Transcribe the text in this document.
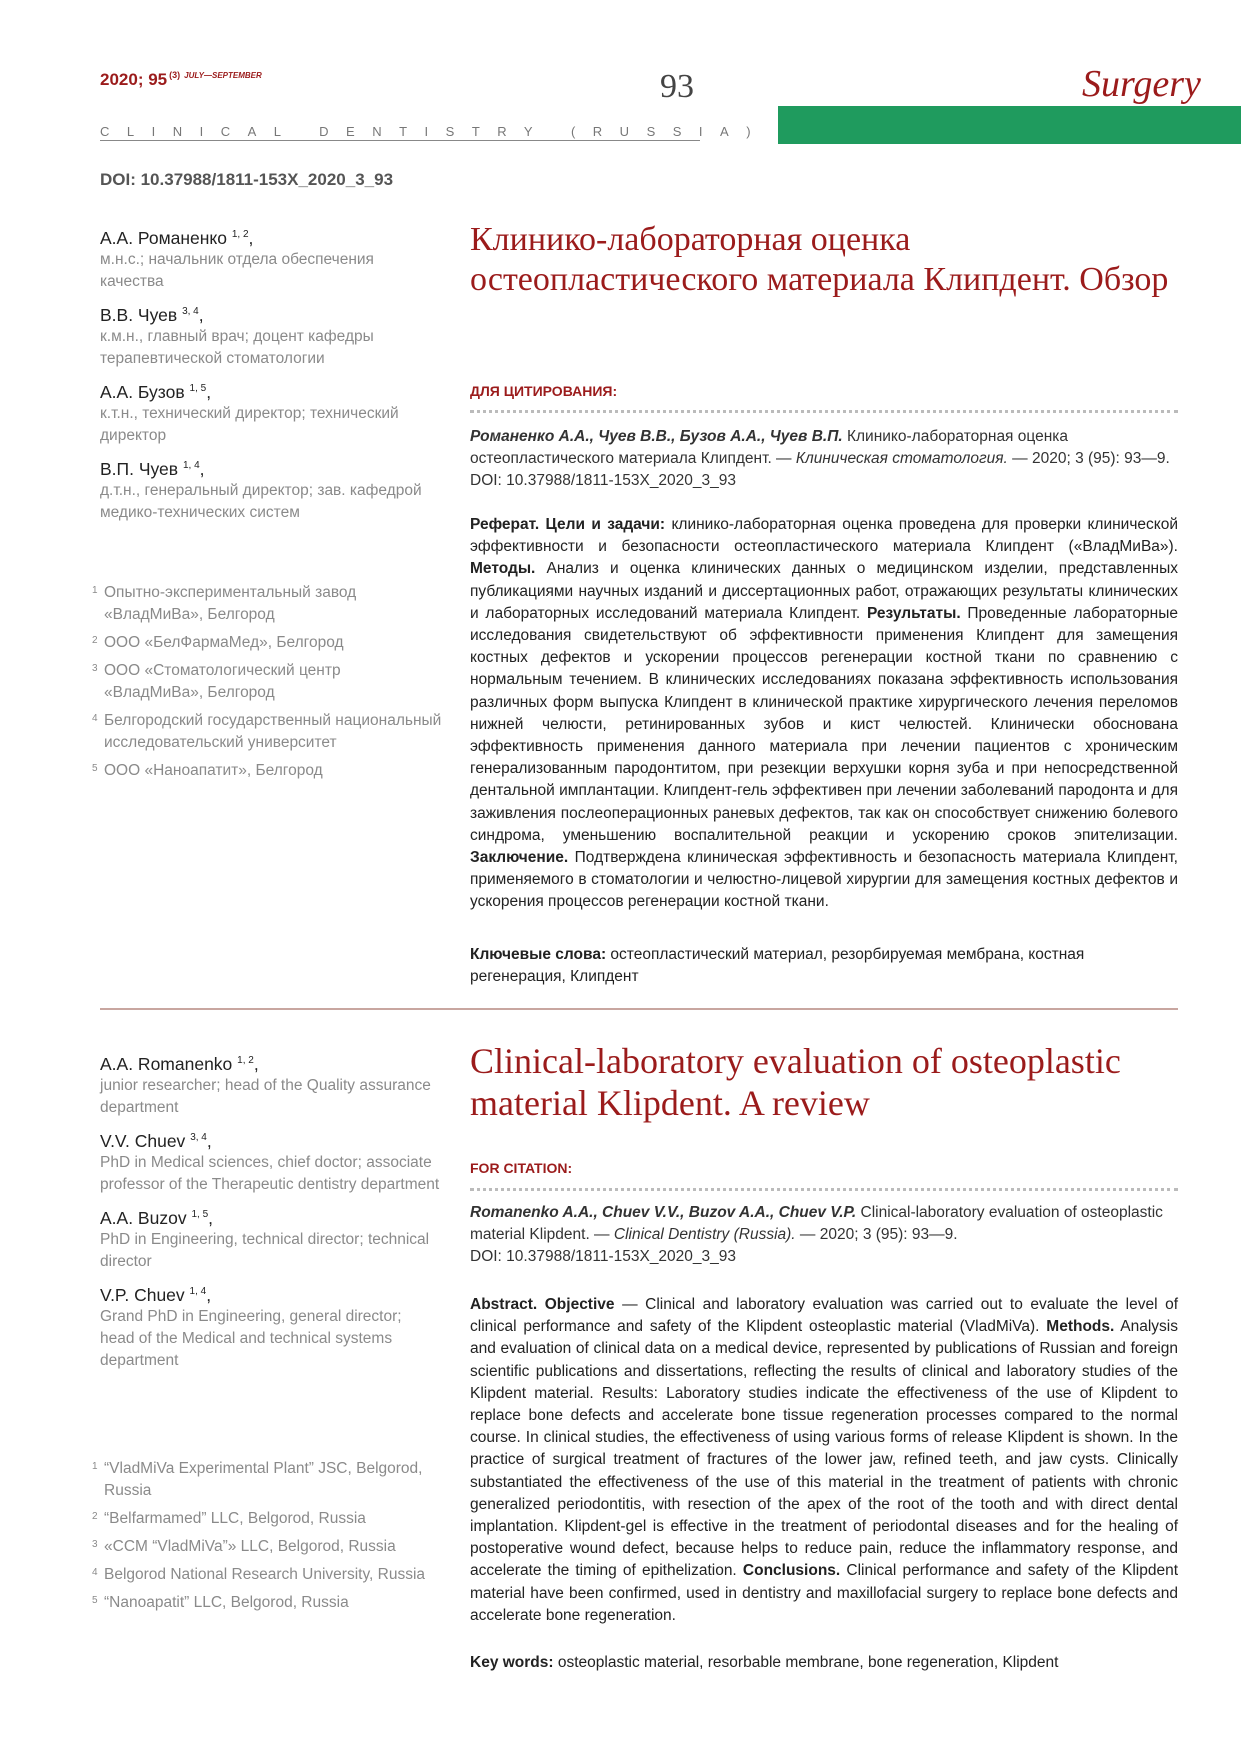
2020; 95 $^{(3)}$ $^{JULY—SEPTEMBER}$	93
CLINICAL DENTISTRY (RUSSIA)
Surgery
DOI: 10.37988/1811-153X_2020_3_93
А.А. Романенко $^{1, 2}$,
м.н.с.; начальник отдела обеспечения качества
В.В. Чуев $^{3, 4}$,
к.м.н., главный врач; доцент кафедры терапевтической стоматологии
А.А. Бузов $^{1, 5}$,
к.т.н., технический директор; технический директор
В.П. Чуев $^{1, 4}$,
д.т.н., генеральный директор; зав. кафедрой медико-технических систем
1 Опытно-экспериментальный завод «ВладМиВа», Белгород
2 ООО «БелФармаМед», Белгород
3 ООО «Стоматологический центр «ВладМиВа», Белгород
4 Белгородский государственный национальный исследовательский университет
5 ООО «Наноапатит», Белгород
Клинико-лабораторная оценка остеопластического материала Клипдент. Обзор
ДЛЯ ЦИТИРОВАНИЯ:
Романенко А.А., Чуев В.В., Бузов А.А., Чуев В.П. Клинико-лабораторная оценка остеопластического материала Клипдент. — Клиническая стоматология. — 2020; 3 (95): 93—9.
DOI: 10.37988/1811-153X_2020_3_93
Реферат. Цели и задачи: клинико-лабораторная оценка проведена для проверки клинической эффективности и безопасности остеопластического материала Клипдент («ВладМиВа»). Методы. Анализ и оценка клинических данных о медицинском изделии, представленных публикациями научных изданий и диссертационных работ, отражающих результаты клинических и лабораторных исследований материала Клипдент. Результаты. Проведенные лабораторные исследования свидетельствуют об эффективности применения Клипдент для замещения костных дефектов и ускорении процессов регенерации костной ткани по сравнению с нормальным течением. В клинических исследованиях показана эффективность использования различных форм выпуска Клипдент в клинической практике хирургического лечения переломов нижней челюсти, ретинированных зубов и кист челюстей. Клинически обоснована эффективность применения данного материала при лечении пациентов с хроническим генерализованным пародонтитом, при резекции верхушки корня зуба и при непосредственной дентальной имплантации. Клипдент-гель эффективен при лечении заболеваний пародонта и для заживления послеоперационных раневых дефектов, так как он способствует снижению болевого синдрома, уменьшению воспалительной реакции и ускорению сроков эпителизации. Заключение. Подтверждена клиническая эффективность и безопасность материала Клипдент, применяемого в стоматологии и челюстно-лицевой хирургии для замещения костных дефектов и ускорения процессов регенерации костной ткани.
Ключевые слова: остеопластический материал, резорбируемая мембрана, костная регенерация, Клипдент
A.A. Romanenko $^{1, 2}$,
junior researcher; head of the Quality assurance department
V.V. Chuev $^{3, 4}$,
PhD in Medical sciences, chief doctor; associate professor of the Therapeutic dentistry department
A.A. Buzov $^{1, 5}$,
PhD in Engineering, technical director; technical director
V.P. Chuev $^{1, 4}$,
Grand PhD in Engineering, general director; head of the Medical and technical systems department
1 “VladMiVa Experimental Plant” JSC, Belgorod, Russia
2 “Belfarmamed” LLC, Belgorod, Russia
3 «CCM “VladMiVa”» LLC, Belgorod, Russia
4 Belgorod National Research University, Russia
5 “Nanoapatit” LLC, Belgorod, Russia
Clinical-laboratory evaluation of osteoplastic material Klipdent. A review
FOR CITATION:
Romanenko A.A., Chuev V.V., Buzov A.A., Chuev V.P. Clinical-laboratory evaluation of osteoplastic material Klipdent. — Clinical Dentistry (Russia). — 2020; 3 (95): 93—9.
DOI: 10.37988/1811-153X_2020_3_93
Abstract. Objective — Clinical and laboratory evaluation was carried out to evaluate the level of clinical performance and safety of the Klipdent osteoplastic material (VladMiVa). Methods. Analysis and evaluation of clinical data on a medical device, represented by publications of Russian and foreign scientific publications and dissertations, reflecting the results of clinical and laboratory studies of the Klipdent material. Results: Laboratory studies indicate the effectiveness of the use of Klipdent to replace bone defects and accelerate bone tissue regeneration processes compared to the normal course. In clinical studies, the effectiveness of using various forms of release Klipdent is shown. In the practice of surgical treatment of fractures of the lower jaw, refined teeth, and jaw cysts. Clinically substantiated the effectiveness of the use of this material in the treatment of patients with chronic generalized periodontitis, with resection of the apex of the root of the tooth and with direct dental implantation. Klipdent-gel is effective in the treatment of periodontal diseases and for the healing of postoperative wound defect, because helps to reduce pain, reduce the inflammatory response, and accelerate the timing of epithelization. Conclusions. Clinical performance and safety of the Klipdent material have been confirmed, used in dentistry and maxillofacial surgery to replace bone defects and accelerate bone regeneration.
Key words: osteoplastic material, resorbable membrane, bone regeneration, Klipdent
